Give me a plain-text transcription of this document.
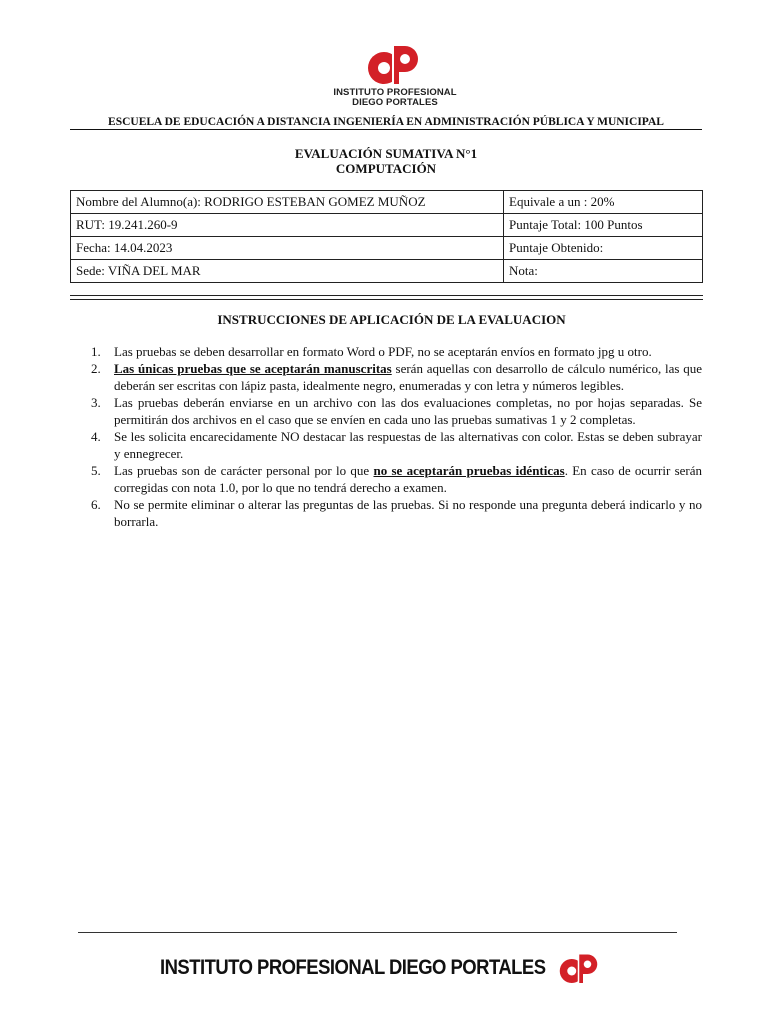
INSTITUTO PROFESIONAL
DIEGO PORTALES
ESCUELA DE EDUCACIÓN A DISTANCIA INGENIERÍA EN ADMINISTRACIÓN PÚBLICA Y MUNICIPAL
EVALUACIÓN SUMATIVA N°1
COMPUTACIÓN
Nombre del Alumno(a): RODRIGO ESTEBAN GOMEZ MUÑOZ	Equivale a un : 20%
RUT: 19.241.260-9	Puntaje Total: 100 Puntos
Fecha: 14.04.2023	Puntaje Obtenido:
Sede: VIÑA DEL MAR	Nota:
INSTRUCCIONES DE APLICACIÓN DE LA EVALUACION
1. Las pruebas se deben desarrollar en formato Word o PDF, no se aceptarán envíos en formato jpg u otro.
2. Las únicas pruebas que se aceptarán manuscritas serán aquellas con desarrollo de cálculo numérico, las que deberán ser escritas con lápiz pasta, idealmente negro, enumeradas y con letra y números legibles.
3. Las pruebas deberán enviarse en un archivo con las dos evaluaciones completas, no por hojas separadas. Se permitirán dos archivos en el caso que se envíen en cada uno las pruebas sumativas 1 y 2 completas.
4. Se les solicita encarecidamente NO destacar las respuestas de las alternativas con color. Estas se deben subrayar y ennegrecer.
5. Las pruebas son de carácter personal por lo que no se aceptarán pruebas idénticas. En caso de ocurrir serán corregidas con nota 1.0, por lo que no tendrá derecho a examen.
6. No se permite eliminar o alterar las preguntas de las pruebas. Si no responde una pregunta deberá indicarlo y no borrarla.
INSTITUTO PROFESIONAL DIEGO PORTALES
